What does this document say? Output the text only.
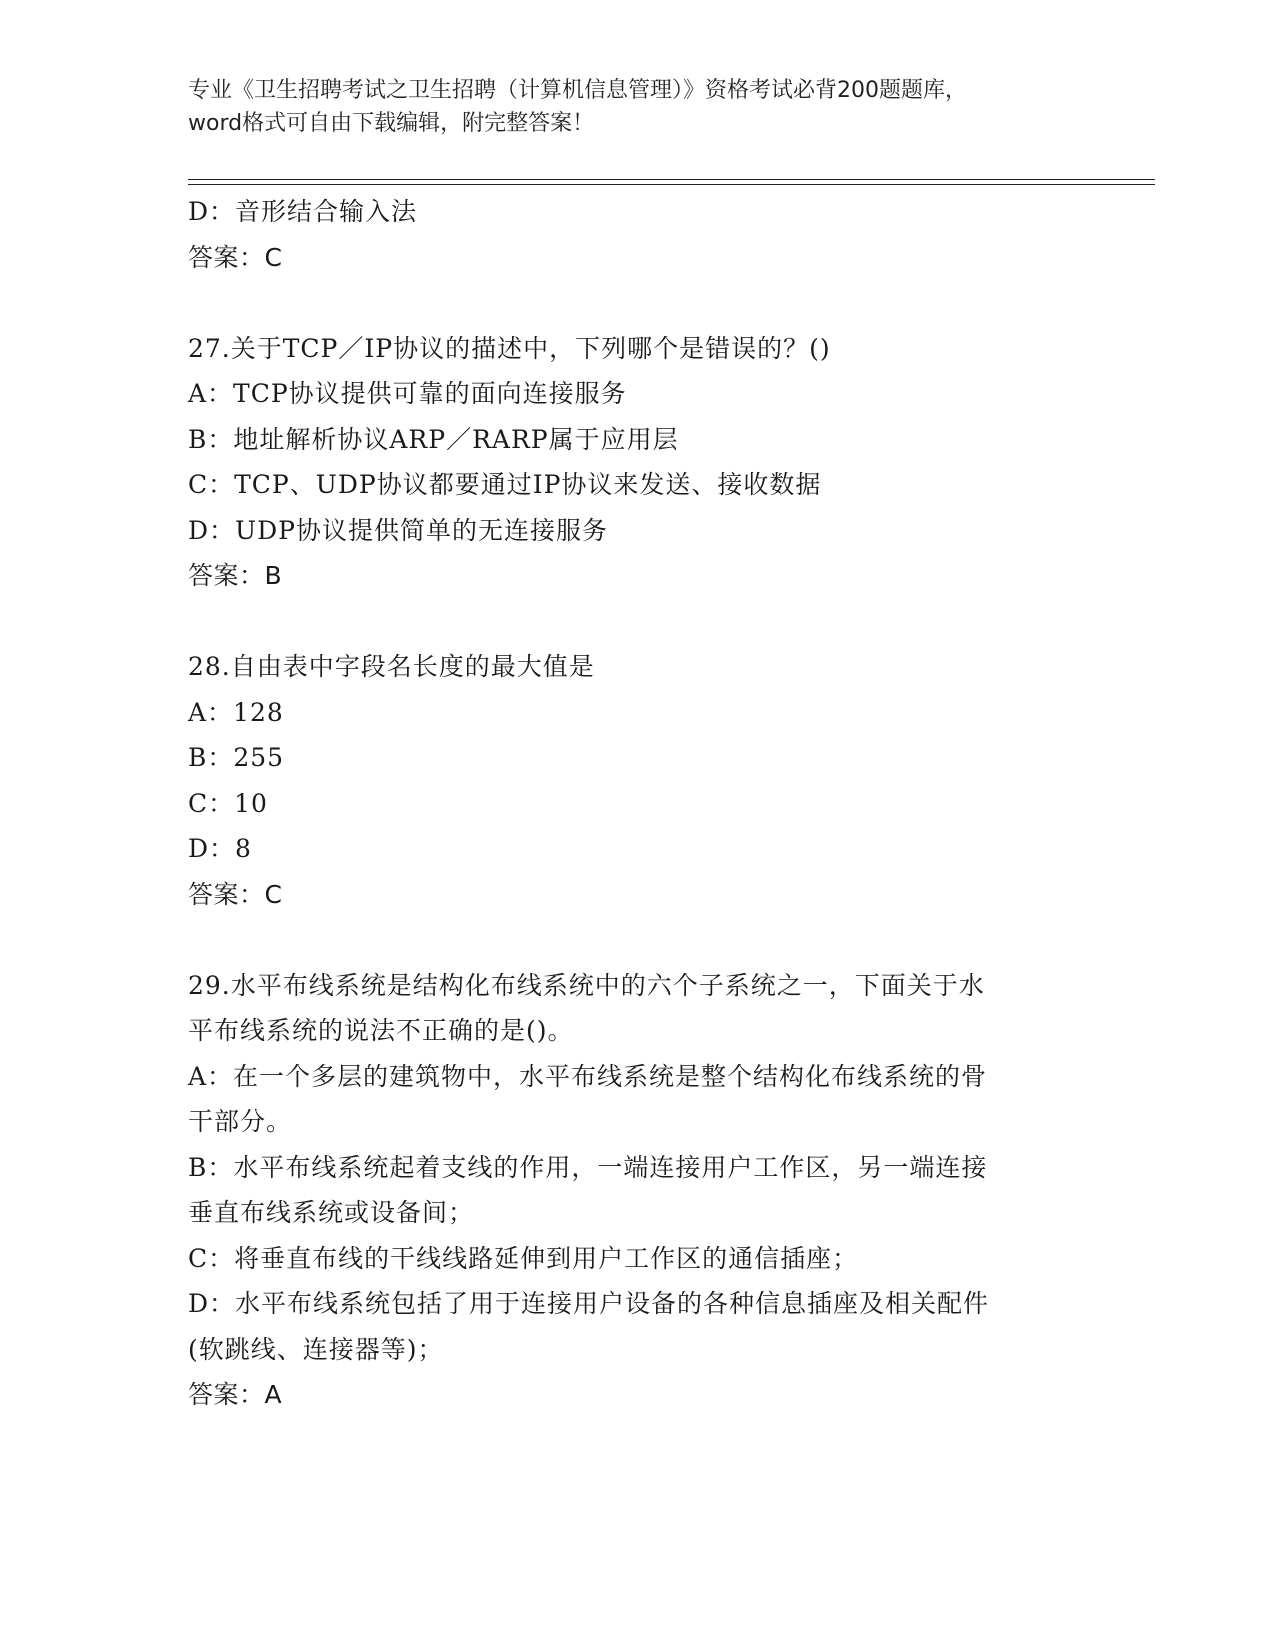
专业《卫生招聘考试之卫生招聘（计算机信息管理）》资格考试必背200题题库，
word格式可自由下载编辑，附完整答案！
D：音形结合输入法
答案：C
27.关于TCP／IP协议的描述中，下列哪个是错误的？()
A：TCP协议提供可靠的面向连接服务
B：地址解析协议ARP／RARP属于应用层
C：TCP、UDP协议都要通过IP协议来发送、接收数据
D：UDP协议提供简单的无连接服务
答案：B
28.自由表中字段名长度的最大值是
A：128
B：255
C：10
D：8
答案：C
29.水平布线系统是结构化布线系统中的六个子系统之一，下面关于水
平布线系统的说法不正确的是()。
A：在一个多层的建筑物中，水平布线系统是整个结构化布线系统的骨
干部分。
B：水平布线系统起着支线的作用，一端连接用户工作区，另一端连接
垂直布线系统或设备间；
C：将垂直布线的干线线路延伸到用户工作区的通信插座；
D：水平布线系统包括了用于连接用户设备的各种信息插座及相关配件
(软跳线、连接器等)；
答案：A
